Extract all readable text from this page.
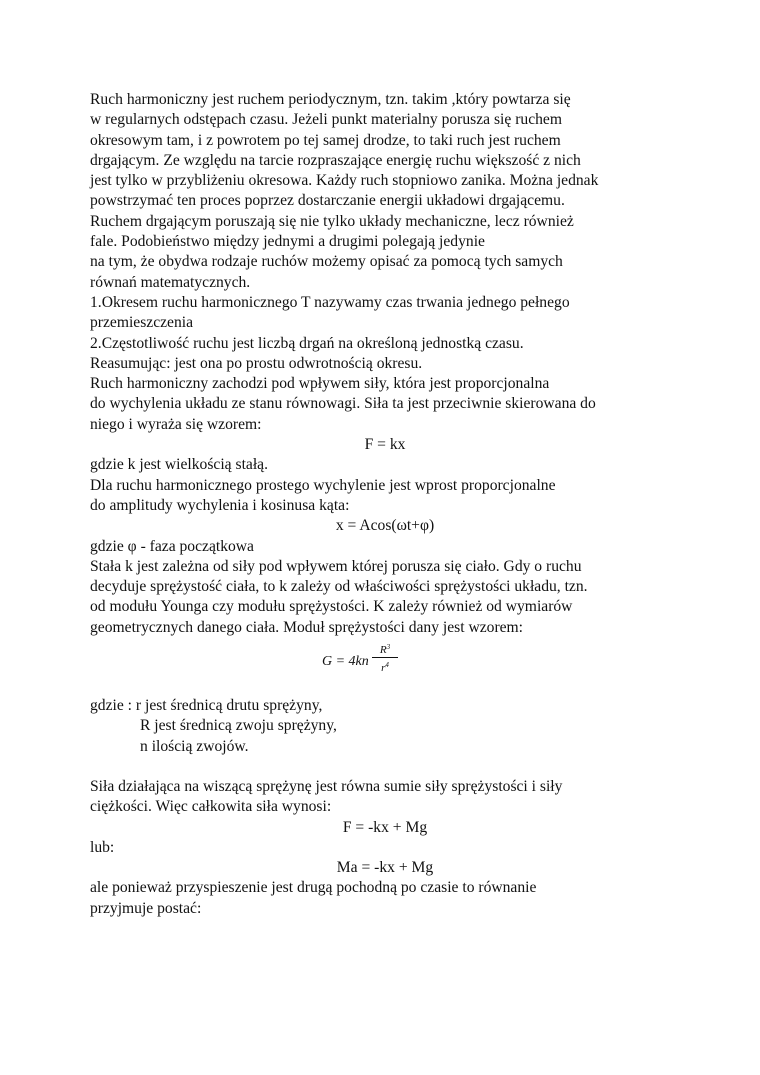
Ruch harmoniczny jest ruchem periodycznym, tzn. takim ,który powtarza się
w regularnych odstępach czasu. Jeżeli punkt materialny porusza się ruchem
okresowym tam, i z powrotem po tej samej drodze, to taki ruch jest ruchem
drgającym. Ze względu na tarcie rozpraszające energię ruchu większość z nich
jest tylko w przybliżeniu okresowa. Każdy ruch stopniowo zanika. Można jednak
powstrzymać ten proces poprzez dostarczanie energii układowi drgającemu.
Ruchem drgającym poruszają się nie tylko układy mechaniczne, lecz również
fale. Podobieństwo między jednymi a drugimi polegają jedynie
na tym, że obydwa rodzaje ruchów możemy opisać za pomocą tych samych
równań matematycznych.
1.Okresem ruchu harmonicznego T nazywamy czas trwania jednego pełnego
przemieszczenia
2.Częstotliwość ruchu jest liczbą drgań na określoną jednostką czasu.
Reasumując: jest ona po prostu odwrotnością okresu.
Ruch harmoniczny zachodzi pod wpływem siły, która jest proporcjonalna
do wychylenia układu ze stanu równowagi. Siła ta jest przeciwnie skierowana do
niego i wyraża się wzorem:
F = kx
gdzie k jest wielkością stałą.
Dla ruchu harmonicznego prostego wychylenie jest wprost proporcjonalne
do amplitudy wychylenia i kosinusa kąta:
x = Acos(ωt+φ)
gdzie φ - faza początkowa
Stała k jest zależna od siły pod wpływem której porusza się ciało. Gdy o ruchu
decyduje sprężystość ciała, to k zależy od właściwości sprężystości układu, tzn.
od modułu Younga czy modułu sprężystości. K zależy również od wymiarów
geometrycznych danego ciała. Moduł sprężystości dany jest wzorem:
$G = 4kn \frac{R^3}{r^4}$
gdzie : r jest średnicą drutu sprężyny,
R jest średnicą zwoju sprężyny,
n ilością zwojów.
Siła działająca na wiszącą sprężynę jest równa sumie siły sprężystości i siły
ciężkości. Więc całkowita siła wynosi:
F = -kx + Mg
lub:
Ma = -kx + Mg
ale ponieważ przyspieszenie jest drugą pochodną po czasie to równanie
przyjmuje postać:
